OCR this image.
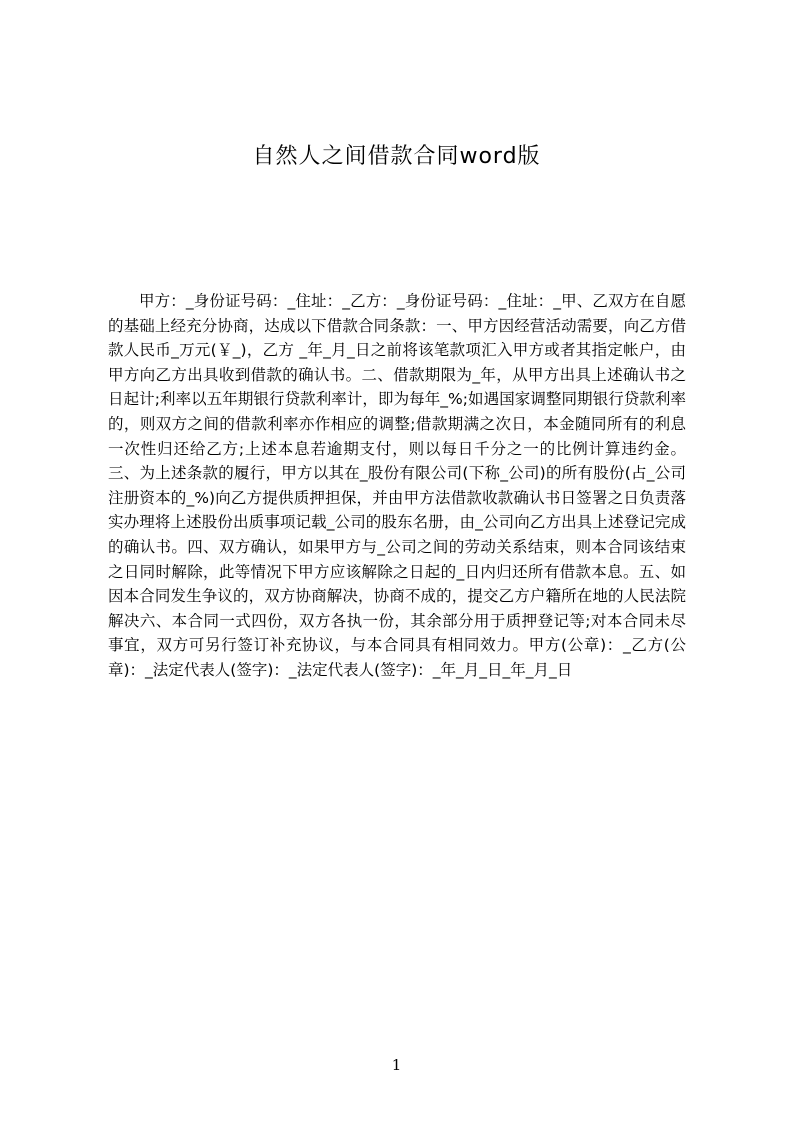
自然人之间借款合同word版

甲方：_身份证号码：_住址：_乙方：_身份证号码：_住址：_甲、乙双方在自愿的基础上经充分协商，达成以下借款合同条款：一、甲方因经营活动需要，向乙方借款人民币_万元(￥_)，乙方 _年_月_日之前将该笔款项汇入甲方或者其指定帐户，由甲方向乙方出具收到借款的确认书。二、借款期限为_年，从甲方出具上述确认书之日起计;利率以五年期银行贷款利率计，即为每年_%;如遇国家调整同期银行贷款利率的，则双方之间的借款利率亦作相应的调整;借款期满之次日，本金随同所有的利息一次性归还给乙方;上述本息若逾期支付，则以每日千分之一的比例计算违约金。三、为上述条款的履行，甲方以其在_股份有限公司(下称_公司)的所有股份(占_公司注册资本的_%)向乙方提供质押担保，并由甲方法借款收款确认书日签署之日负责落实办理将上述股份出质事项记载_公司的股东名册，由_公司向乙方出具上述登记完成的确认书。四、双方确认，如果甲方与_公司之间的劳动关系结束，则本合同该结束之日同时解除，此等情况下甲方应该解除之日起的_日内归还所有借款本息。五、如因本合同发生争议的，双方协商解决，协商不成的，提交乙方户籍所在地的人民法院解决六、本合同一式四份，双方各执一份，其余部分用于质押登记等;对本合同未尽事宜，双方可另行签订补充协议，与本合同具有相同效力。甲方(公章)：_乙方(公章)：_法定代表人(签字)：_法定代表人(签字)：_年_月_日_年_月_日

1
